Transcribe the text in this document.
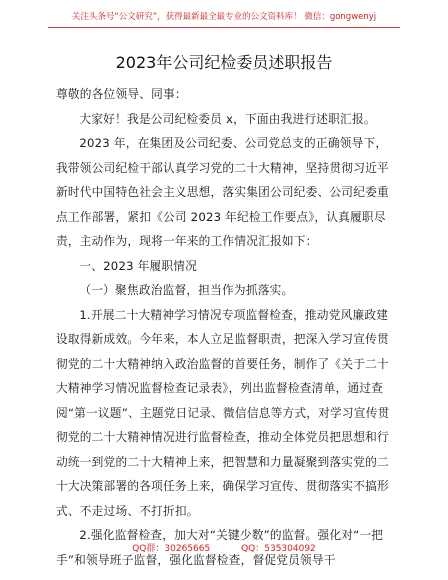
关注头条号“公文研究”，获得最新最全最专业的公文资料库！ 微信：gongwenyj
2023年公司纪检委员述职报告

尊敬的各位领导、同事：

大家好！我是公司纪检委员 x，下面由我进行述职汇报。

2023 年，在集团及公司纪委、公司党总支的正确领导下，我带领公司纪检干部认真学习党的二十大精神，坚持贯彻习近平新时代中国特色社会主义思想，落实集团公司纪委、公司纪委重点工作部署，紧扣《公司 2023 年纪检工作要点》，认真履职尽责，主动作为，现将一年来的工作情况汇报如下：

一、2023 年履职情况

（一）聚焦政治监督，担当作为抓落实。

1.开展二十大精神学习情况专项监督检查，推动党风廉政建设取得新成效。今年来，本人立足监督职责，把深入学习宣传贯彻党的二十大精神纳入政治监督的首要任务，制作了《关于二十大精神学习情况监督检查记录表》，列出监督检查清单，通过查阅“第一议题”、主题党日记录、微信信息等方式，对学习宣传贯彻党的二十大精神情况进行监督检查，推动全体党员把思想和行动统一到党的二十大精神上来，把智慧和力量凝聚到落实党的二十大决策部署的各项任务上来，确保学习宣传、贯彻落实不搞形式、不走过场、不打折扣。

2.强化监督检查，加大对“关键少数”的监督。强化对“一把手”和领导班子监督，强化监督检查，督促党员领导干

QQ群：30265665	QQ：535304092
